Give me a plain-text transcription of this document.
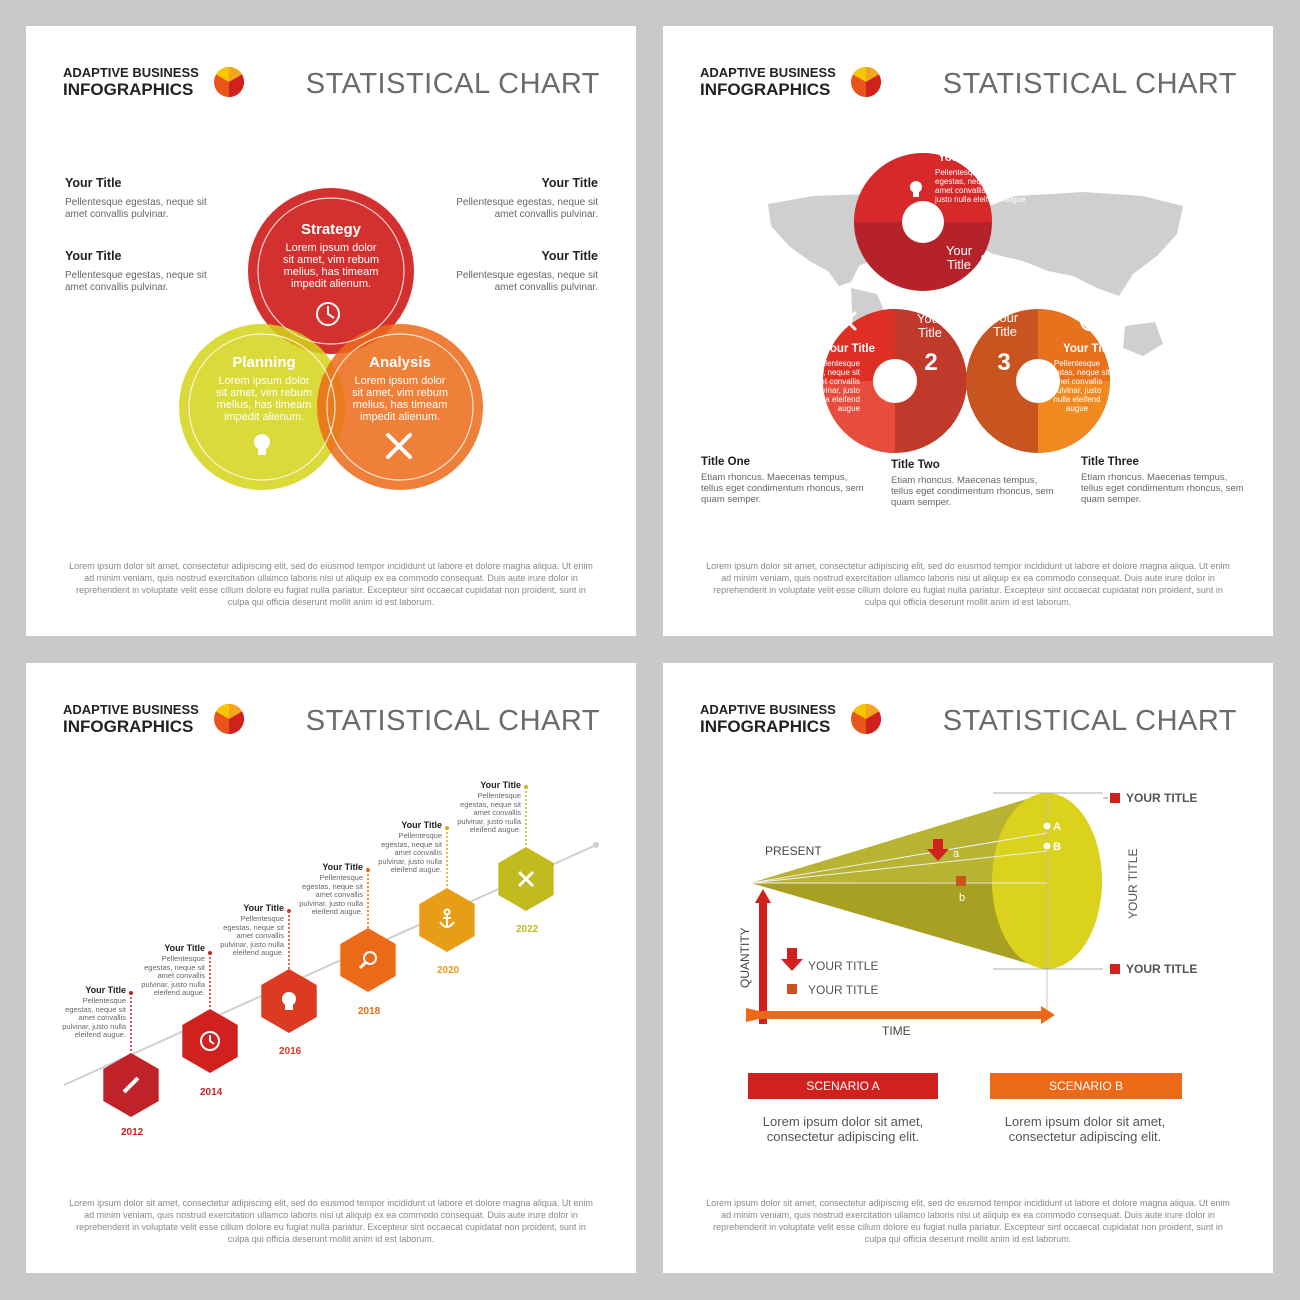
ADAPTIVE BUSINESS
INFOGRAPHICS	STATISTICAL CHART
Your Title
Pellentesque egestas, neque sit amet convallis pulvinar.
Your Title
Pellentesque egestas, neque sit amet convallis pulvinar.
Your Title
Pellentesque egestas, neque sit amet convallis pulvinar.
Your Title
Pellentesque egestas, neque sit amet convallis pulvinar.
Strategy
Lorem ipsum dolor
sit amet, vim rebum
melius, has timeam
impedit alienum.
Planning
Lorem ipsum dolor
sit amet, vim rebum
melius, has timeam
impedit alienum.
Analysis
Lorem ipsum dolor
sit amet, vim rebum
melius, has timeam
impedit alienum.
Lorem ipsum dolor sit amet, consectetur adipiscing elit, sed do eiusmod tempor incididunt ut labore et dolore magna aliqua. Ut enim ad minim veniam, quis nostrud exercitation ullamco laboris nisi ut aliquip ex ea commodo consequat. Duis aute irure dolor in reprehenderit in voluptate velit esse cillum dolore eu fugiat nulla pariatur. Excepteur sint occaecat cupidatat non proident, sunt in culpa qui officia deserunt mollit anim id est laborum.
ADAPTIVE BUSINESS
INFOGRAPHICS	STATISTICAL CHART
Your Title
Pellentesque
egestas, neque sit
amet convallis pulvinar,
justo nulla eleifend augue
Your
Title 1
Your Title
Pellentesque
egestas, neque sit
amet convallis
pulvinar, justo
nulla eleifend
augue
Your
Title
2
Your
Title
3	Your Title
Pellentesque
egestas, neque sit
amet convallis
pulvinar, justo
nulla eleifend
augue
Title One
Etiam rhoncus. Maecenas tempus, tellus eget condimentum rhoncus, sem quam semper.
Title Two
Etiam rhoncus. Maecenas tempus, tellus eget condimentum rhoncus, sem quam semper.
Title Three
Etiam rhoncus. Maecenas tempus, tellus eget condimentum rhoncus, sem quam semper.
Lorem ipsum dolor sit amet, consectetur adipiscing elit, sed do eiusmod tempor incididunt ut labore et dolore magna aliqua. Ut enim ad minim veniam, quis nostrud exercitation ullamco laboris nisi ut aliquip ex ea commodo consequat. Duis aute irure dolor in reprehenderit in voluptate velit esse cillum dolore eu fugiat nulla pariatur. Excepteur sint occaecat cupidatat non proident, sunt in culpa qui officia deserunt mollit anim id est laborum.
ADAPTIVE BUSINESS
INFOGRAPHICS	STATISTICAL CHART
2012
2014
2016
2018
2020
2022
Your Title
Pellentesque egestas, neque sit amet convallis pulvinar, justo nulla eleifend augue.
Your Title
Pellentesque egestas, neque sit amet convallis pulvinar, justo nulla eleifend augue.
Your Title
Pellentesque egestas, neque sit amet convallis pulvinar, justo nulla eleifend augue.
Your Title
Pellentesque egestas, neque sit amet convallis pulvinar, justo nulla eleifend augue.
Your Title
Pellentesque egestas, neque sit amet convallis pulvinar, justo nulla eleifend augue.
Your Title
Pellentesque egestas, neque sit amet convallis pulvinar, justo nulla eleifend augue.
Lorem ipsum dolor sit amet, consectetur adipiscing elit, sed do eiusmod tempor incididunt ut labore et dolore magna aliqua. Ut enim ad minim veniam, quis nostrud exercitation ullamco laboris nisi ut aliquip ex ea commodo consequat. Duis aute irure dolor in reprehenderit in voluptate velit esse cillum dolore eu fugiat nulla pariatur. Excepteur sint occaecat cupidatat non proident, sunt in culpa qui officia deserunt mollit anim id est laborum.
ADAPTIVE BUSINESS
INFOGRAPHICS	STATISTICAL CHART
A
B
a
b
PRESENT
QUANTITY
TIME
YOUR TITLE
YOUR TITLE
YOUR TITLE
YOUR TITLE
YOUR TITLE
SCENARIO A	SCENARIO B
Lorem ipsum dolor sit amet, consectetur adipiscing elit.
Lorem ipsum dolor sit amet, consectetur adipiscing elit.
Lorem ipsum dolor sit amet, consectetur adipiscing elit, sed do eiusmod tempor incididunt ut labore et dolore magna aliqua. Ut enim ad minim veniam, quis nostrud exercitation ullamco laboris nisi ut aliquip ex ea commodo consequat. Duis aute irure dolor in reprehenderit in voluptate velit esse cillum dolore eu fugiat nulla pariatur. Excepteur sint occaecat cupidatat non proident, sunt in culpa qui officia deserunt mollit anim id est laborum.
